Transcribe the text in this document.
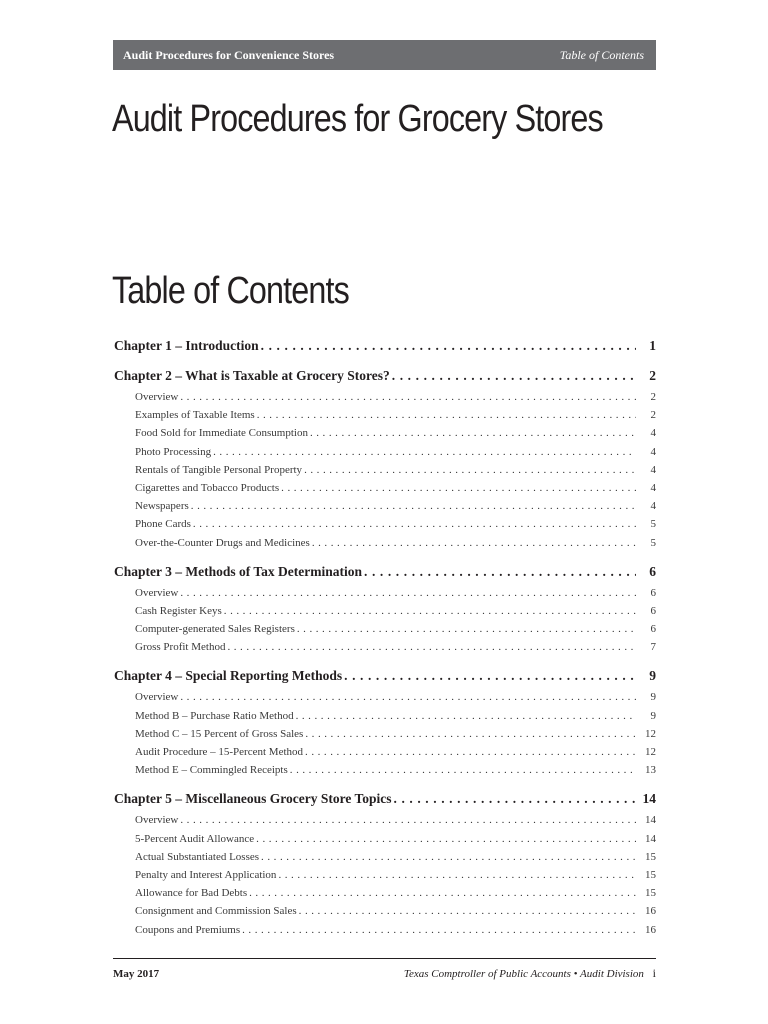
Audit Procedures for Convenience Stores	Table of Contents
Audit Procedures for Grocery Stores
Table of Contents
Chapter 1 – Introduction . . .	1
Chapter 2 – What is Taxable at Grocery Stores? . . .	2
Overview . . .	2
Examples of Taxable Items . . .	2
Food Sold for Immediate Consumption . . .	4
Photo Processing . . .	4
Rentals of Tangible Personal Property . . .	4
Cigarettes and Tobacco Products . . .	4
Newspapers . . .	4
Phone Cards . . .	5
Over-the-Counter Drugs and Medicines . . .	5
Chapter 3 – Methods of Tax Determination . . .	6
Overview . . .	6
Cash Register Keys . . .	6
Computer-generated Sales Registers . . .	6
Gross Profit Method . . .	7
Chapter 4 – Special Reporting Methods . . .	9
Overview . . .	9
Method B – Purchase Ratio Method . . .	9
Method C – 15 Percent of Gross Sales . . .	12
Audit Procedure – 15-Percent Method . . .	12
Method E – Commingled Receipts . . .	13
Chapter 5 – Miscellaneous Grocery Store Topics . . .	14
Overview . . .	14
5-Percent Audit Allowance . . .	14
Actual Substantiated Losses . . .	15
Penalty and Interest Application . . .	15
Allowance for Bad Debts . . .	15
Consignment and Commission Sales . . .	16
Coupons and Premiums . . .	16
May 2017	Texas Comptroller of Public Accounts • Audit Division i
